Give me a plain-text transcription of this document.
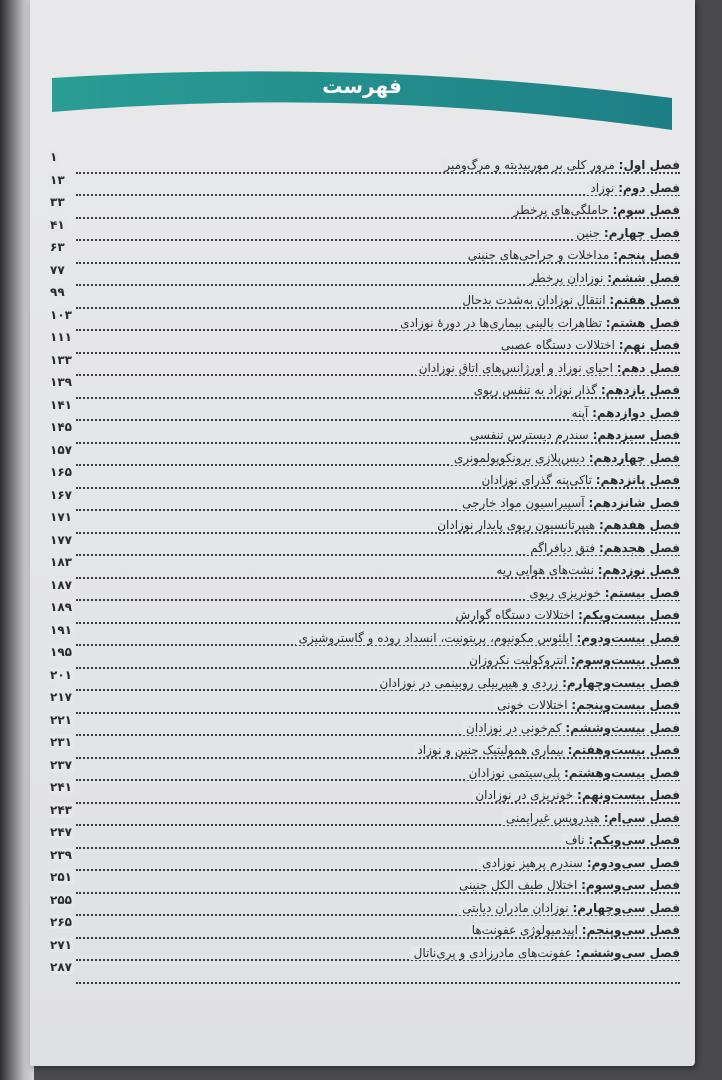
فهرست
فصل اول: مرور کلی بر موربیدیته و مرگ‌ومیر
۱
فصل دوم: نوزاد
۱۳
فصل سوم: حاملگی‌های پرخطر
۳۳
فصل چهارم: جنین
۴۱
فصل پنجم: مداخلات و جراحی‌های جنینی
۶۳
فصل ششم: نوزادان پرخطر
۷۷
فصل هفتم: انتقال نوزادان به‌شدت بدحال
۹۹
فصل هشتم: تظاهرات بالینی بیماری‌ها در دورهٔ نوزادی
۱۰۳
فصل نهم: اختلالات دستگاه عصبی
۱۱۱
فصل دهم: احیای نوزاد و اورژانس‌های اتاق نوزادان
۱۳۳
فصل یازدهم: گذار نوزاد به تنفس ریوی
۱۳۹
فصل دوازدهم: آپنه
۱۴۱
فصل سیزدهم: سندرم دیسترس تنفسی
۱۴۵
فصل چهاردهم: دیس‌پلازی برونکوپولمونری
۱۵۷
فصل پانزدهم: تاکی‌پنه گذرای نوزادان
۱۶۵
فصل شانزدهم: آسپیراسیون مواد خارجی
۱۶۷
فصل هفدهم: هیپرتانسیون ریوی پایدار نوزادان
۱۷۱
فصل هجدهم: فتق دیافراگم
۱۷۷
فصل نوزدهم: نشت‌های هوایی ریه
۱۸۳
فصل بیستم: خونریزی ریوی
۱۸۷
فصل بیست‌ویکم: اختلالات دستگاه گوارش
۱۸۹
فصل بیست‌ودوم: ایلئوس مکونیوم، پریتونیت، انسداد روده و گاستروشیزی
۱۹۱
فصل بیست‌وسوم: انتروکولیت نکروزان
۱۹۵
فصل بیست‌وچهارم: زردی و هیپربیلی روبینمی در نوزادان
۲۰۱
فصل بیست‌وپنجم: اختلالات خونی
۲۱۷
فصل بیست‌وششم: کم‌خونی در نوزادان
۲۲۱
فصل بیست‌وهفتم: بیماری همولیتیک جنین و نوزاد
۲۳۱
فصل بیست‌وهشتم: پلی‌سیتمی نوزادان
۲۳۷
فصل بیست‌ونهم: خونریزی در نوزادان
۲۴۱
فصل سی‌ام: هیدروپس غیرایمنی
۲۴۳
فصل سی‌ویکم: ناف
۲۴۷
فصل سی‌ودوم: سندرم پرهیز نوزادی
۲۳۹
فصل سی‌وسوم: اختلال طیف الکل جنینی
۲۵۱
فصل سی‌وچهارم: نوزادان مادران دیابتی
۲۵۵
فصل سی‌وپنجم: اپیدمیولوژی عفونت‌ها
۲۶۵
فصل سی‌وششم: عفونت‌های مادرزادی و پری‌ناتال
۲۷۱
۲۸۷
